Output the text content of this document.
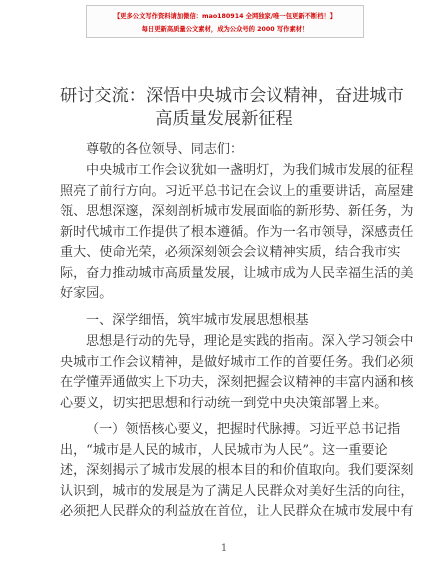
【更多公文写作资料请加微信：mao180914 全网独家/唯一包更新不断档！】
每日更新高质量公文素材，成为公众号的 2000 写作素材！
研讨交流：深悟中央城市会议精神，奋进城市
高质量发展新征程
尊敬的各位领导、同志们：
中央城市工作会议犹如一盏明灯，为我们城市发展的征程
照亮了前行方向。习近平总书记在会议上的重要讲话，高屋建
瓴、思想深邃，深刻剖析城市发展面临的新形势、新任务，为
新时代城市工作提供了根本遵循。作为一名市领导，深感责任
重大、使命光荣，必须深刻领会会议精神实质，结合我市实
际，奋力推动城市高质量发展，让城市成为人民幸福生活的美
好家园。
一、深学细悟，筑牢城市发展思想根基
思想是行动的先导，理论是实践的指南。深入学习领会中
央城市工作会议精神，是做好城市工作的首要任务。我们必须
在学懂弄通做实上下功夫，深刻把握会议精神的丰富内涵和核
心要义，切实把思想和行动统一到党中央决策部署上来。
（一）领悟核心要义，把握时代脉搏。习近平总书记指
出，“城市是人民的城市，人民城市为人民”。这一重要论
述，深刻揭示了城市发展的根本目的和价值取向。我们要深刻
认识到，城市的发展是为了满足人民群众对美好生活的向往，
必须把人民群众的利益放在首位，让人民群众在城市发展中有
1
